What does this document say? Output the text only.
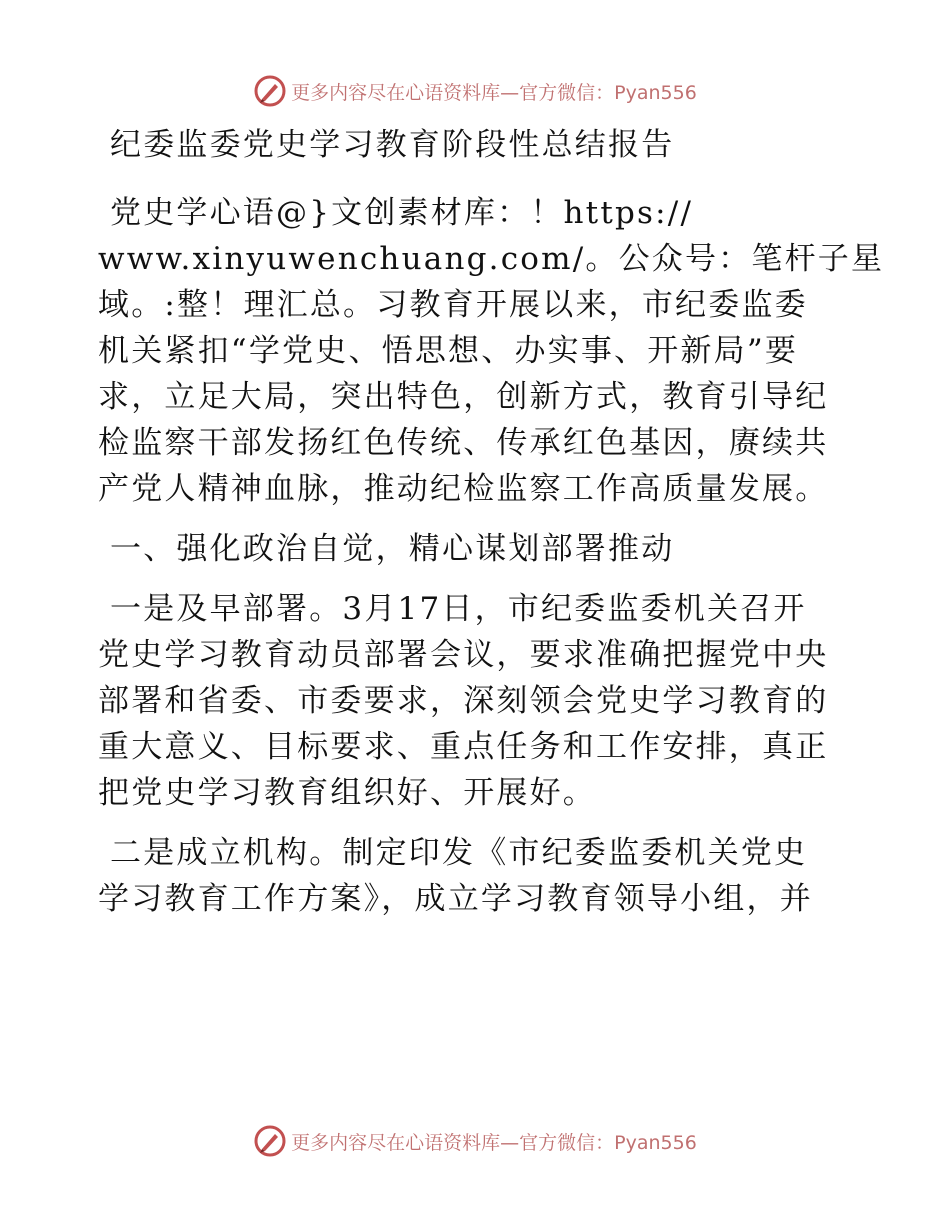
更多内容尽在心语资料库—官方微信：Pyan556
纪委监委党史学习教育阶段性总结报告
党史学心语@}文创素材库：！https://
www.xinyuwenchuang.com/。公众号：笔杆子星
域。:整！理汇总。习教育开展以来，市纪委监委
机关紧扣“学党史、悟思想、办实事、开新局”要
求，立足大局，突出特色，创新方式，教育引导纪
检监察干部发扬红色传统、传承红色基因，赓续共
产党人精神血脉，推动纪检监察工作高质量发展。
一、强化政治自觉，精心谋划部署推动
一是及早部署。3月17日，市纪委监委机关召开
党史学习教育动员部署会议，要求准确把握党中央
部署和省委、市委要求，深刻领会党史学习教育的
重大意义、目标要求、重点任务和工作安排，真正
把党史学习教育组织好、开展好。
二是成立机构。制定印发《市纪委监委机关党史
学习教育工作方案》，成立学习教育领导小组，并
更多内容尽在心语资料库—官方微信：Pyan556
